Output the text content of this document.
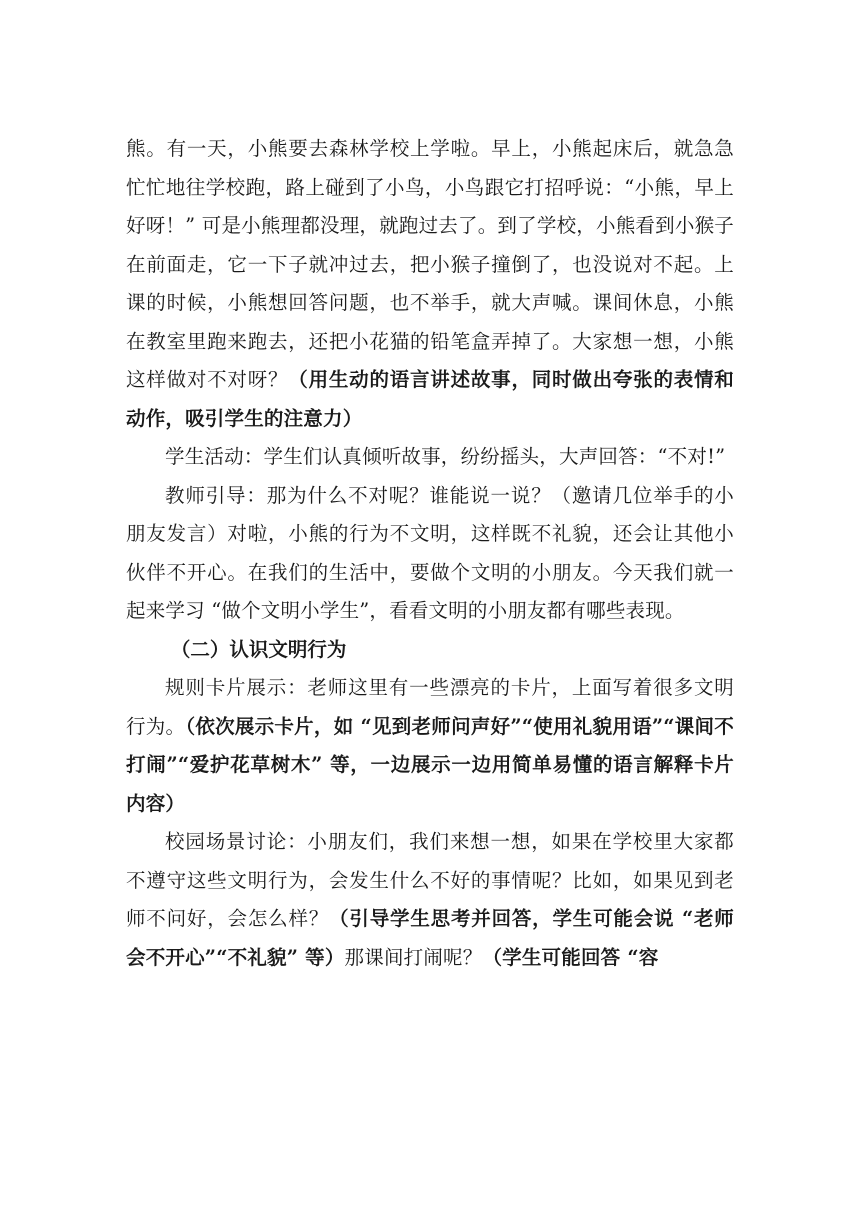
熊。有一天，小熊要去森林学校上学啦。早上，小熊起床后，就急急忙忙地往学校跑，路上碰到了小鸟，小鸟跟它打招呼说：“小熊，早上好呀！” 可是小熊理都没理，就跑过去了。到了学校，小熊看到小猴子在前面走，它一下子就冲过去，把小猴子撞倒了，也没说对不起。上课的时候，小熊想回答问题，也不举手，就大声喊。课间休息，小熊在教室里跑来跑去，还把小花猫的铅笔盒弄掉了。大家想一想，小熊这样做对不对呀？（用生动的语言讲述故事，同时做出夸张的表情和动作，吸引学生的注意力）

学生活动：学生们认真倾听故事，纷纷摇头，大声回答：“不对!”

教师引导：那为什么不对呢？谁能说一说？（邀请几位举手的小朋友发言）对啦，小熊的行为不文明，这样既不礼貌，还会让其他小伙伴不开心。在我们的生活中，要做个文明的小朋友。今天我们就一起来学习 “做个文明小学生”，看看文明的小朋友都有哪些表现。

（二）认识文明行为

规则卡片展示：老师这里有一些漂亮的卡片，上面写着很多文明行为。（依次展示卡片，如 “见到老师问声好”“使用礼貌用语”“课间不打闹”“爱护花草树木” 等，一边展示一边用简单易懂的语言解释卡片内容）

校园场景讨论：小朋友们，我们来想一想，如果在学校里大家都不遵守这些文明行为，会发生什么不好的事情呢？比如，如果见到老师不问好，会怎么样？（引导学生思考并回答，学生可能会说 “老师会不开心”“不礼貌” 等）那课间打闹呢？（学生可能回答 “容
